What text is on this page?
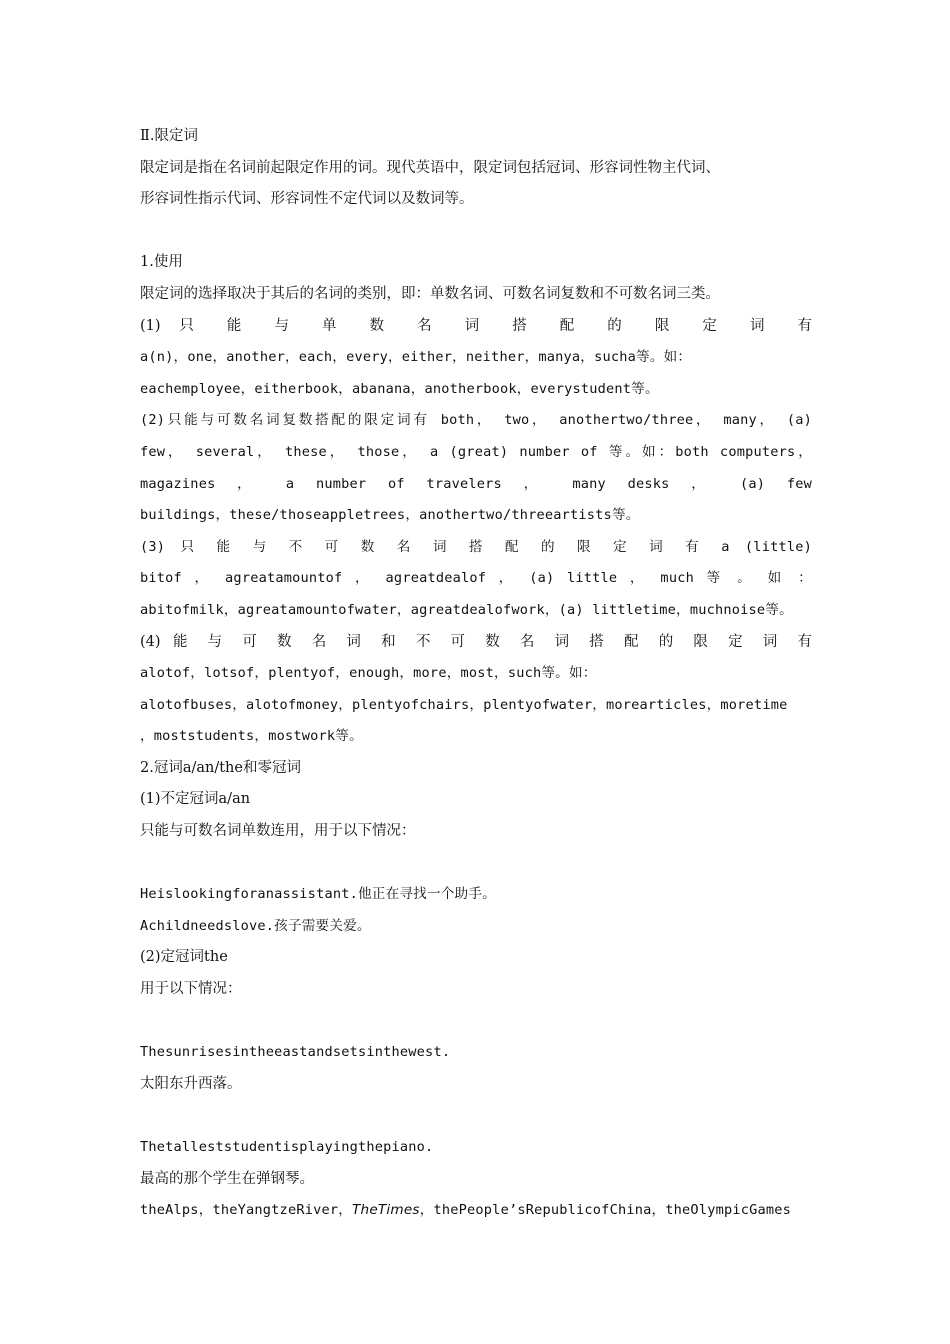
Ⅱ.限定词
限定词是指在名词前起限定作用的词。现代英语中，限定词包括冠词、形容词性物主代词、
形容词性指示代词、形容词性不定代词以及数词等。
1.使用
限定词的选择取决于其后的名词的类别，即：单数名词、可数名词复数和不可数名词三类。
(1) 只 能 与 单 数 名 词 搭 配 的 限 定 词 有
a(n)，one，another，each，every，either，neither，manya，sucha等。如：
eachemployee，eitherbook，abanana，anotherbook，everystudent等。
(2)只能与可数名词复数搭配的限定词有 both， two， anothertwo/three， many， (a)
few， several， these， those， a (great) number of 等。如：both computers，
magazines ， a number of travelers ， many desks ， (a) few
buildings，these/thoseappletrees，anothertwo/threeartists等。
(3) 只 能 与 不 可 数 名 词 搭 配 的 限 定 词 有 a (little)
bitof ， agreatamountof ， agreatdealof ， (a) little ， much 等 。 如 ：
abitofmilk，agreatamountofwater，agreatdealofwork，(a) littletime，muchnoise等。
(4) 能 与 可 数 名 词 和 不 可 数 名 词 搭 配 的 限 定 词 有
alotof，lotsof，plentyof，enough，more，most，such等。如：
alotofbuses，alotofmoney，plentyofchairs，plentyofwater，morearticles，moretime
，moststudents，mostwork等。
2.冠词a/an/the和零冠词
(1)不定冠词a/an
只能与可数名词单数连用，用于以下情况：
Heislookingforanassistant.他正在寻找一个助手。
Achildneedslove.孩子需要关爱。
(2)定冠词the
用于以下情况：
Thesunrisesintheeastandsetsinthewest.
太阳东升西落。
Thetalleststudentisplayingthepiano.
最高的那个学生在弹钢琴。
theAlps，theYangtzeRiver，TheTimes，thePeople’sRepublicofChina，theOlympicGames
